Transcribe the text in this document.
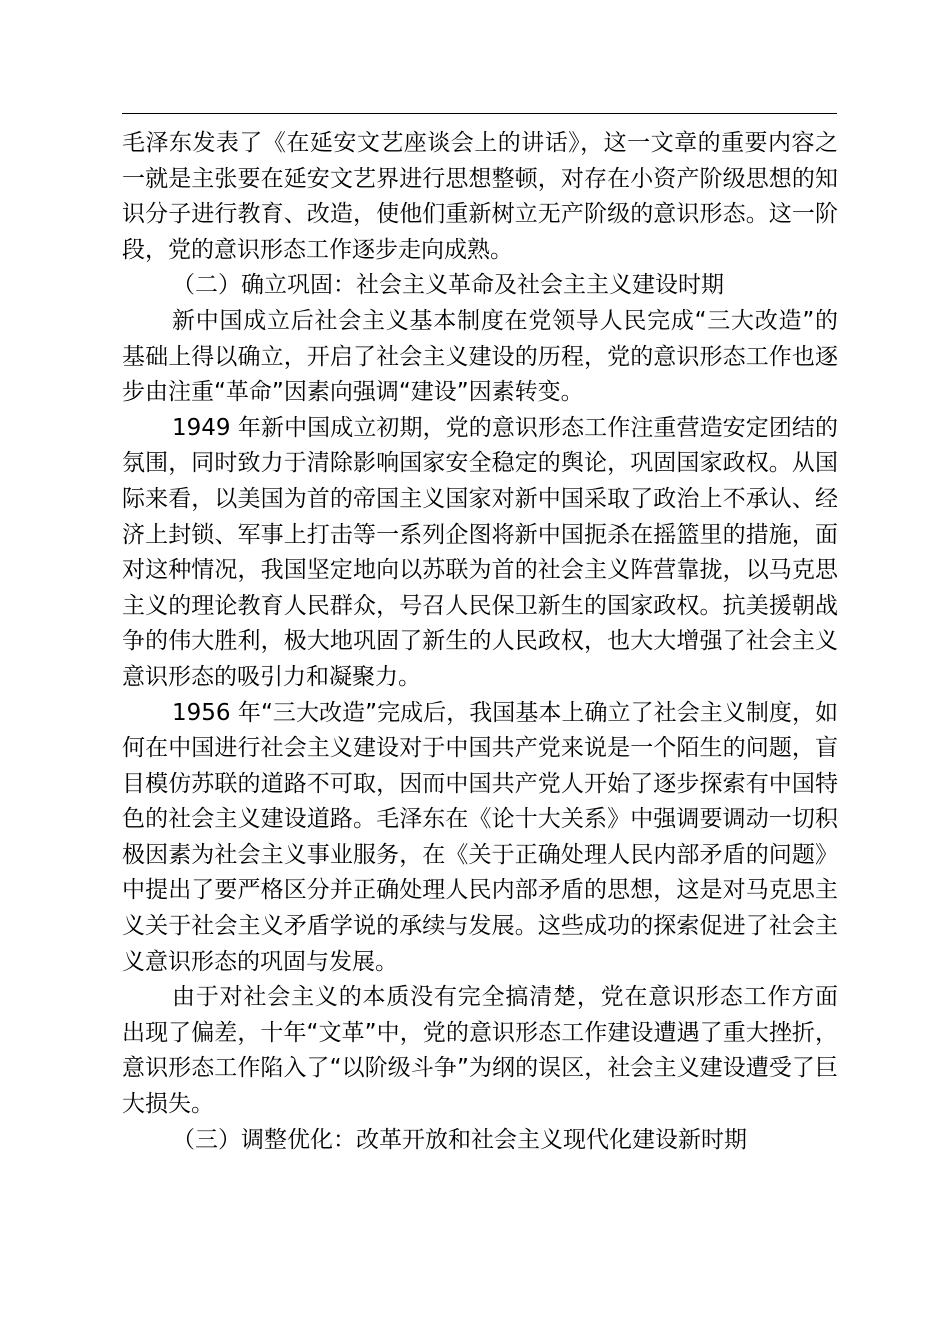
毛泽东发表了《在延安文艺座谈会上的讲话》，这一文章的重要内容之一就是主张要在延安文艺界进行思想整顿，对存在小资产阶级思想的知识分子进行教育、改造，使他们重新树立无产阶级的意识形态。这一阶段，党的意识形态工作逐步走向成熟。

（二）确立巩固：社会主义革命及社会主主义建设时期

新中国成立后社会主义基本制度在党领导人民完成“三大改造”的基础上得以确立，开启了社会主义建设的历程，党的意识形态工作也逐步由注重“革命”因素向强调“建设”因素转变。

1949 年新中国成立初期，党的意识形态工作注重营造安定团结的氛围，同时致力于清除影响国家安全稳定的舆论，巩固国家政权。从国际来看，以美国为首的帝国主义国家对新中国采取了政治上不承认、经济上封锁、军事上打击等一系列企图将新中国扼杀在摇篮里的措施，面对这种情况，我国坚定地向以苏联为首的社会主义阵营靠拢，以马克思主义的理论教育人民群众，号召人民保卫新生的国家政权。抗美援朝战争的伟大胜利，极大地巩固了新生的人民政权，也大大增强了社会主义意识形态的吸引力和凝聚力。

1956 年“三大改造”完成后，我国基本上确立了社会主义制度，如何在中国进行社会主义建设对于中国共产党来说是一个陌生的问题，盲目模仿苏联的道路不可取，因而中国共产党人开始了逐步探索有中国特色的社会主义建设道路。毛泽东在《论十大关系》中强调要调动一切积极因素为社会主义事业服务，在《关于正确处理人民内部矛盾的问题》中提出了要严格区分并正确处理人民内部矛盾的思想，这是对马克思主义关于社会主义矛盾学说的承续与发展。这些成功的探索促进了社会主义意识形态的巩固与发展。

由于对社会主义的本质没有完全搞清楚，党在意识形态工作方面出现了偏差，十年“文革”中，党的意识形态工作建设遭遇了重大挫折，意识形态工作陷入了“以阶级斗争”为纲的误区，社会主义建设遭受了巨大损失。

（三）调整优化：改革开放和社会主义现代化建设新时期
